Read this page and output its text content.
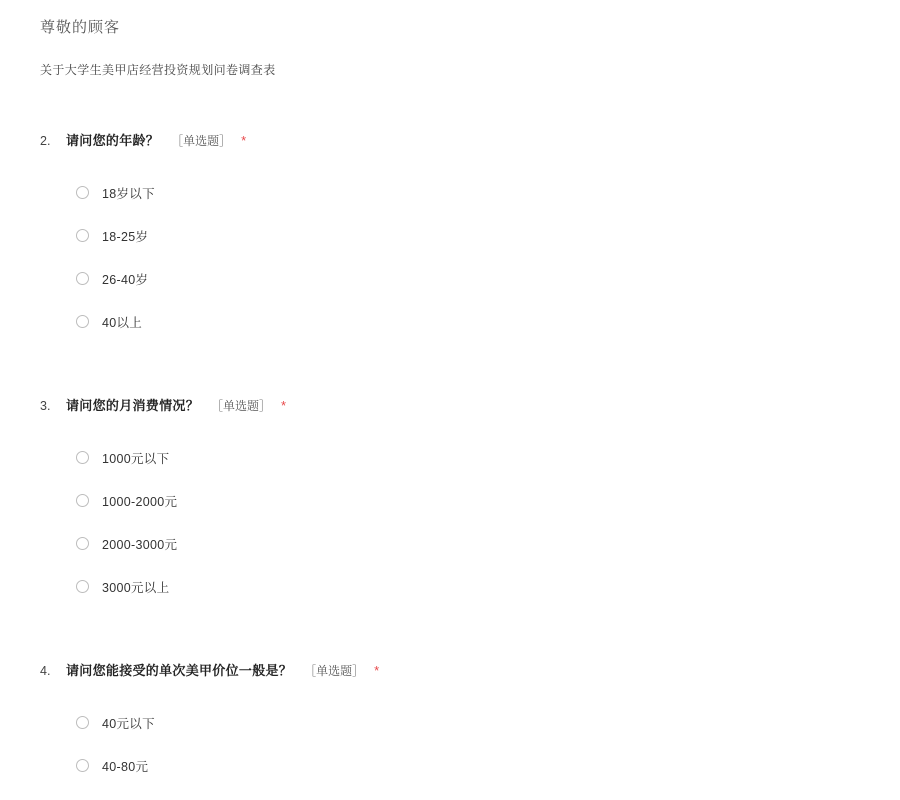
尊敬的顾客
关于大学生美甲店经营投资规划问卷调查表
2.	请问您的年龄？ ［单选题］ *
18岁以下
18-25岁
26-40岁
40以上
3.	请问您的月消费情况？ ［单选题］ *
1000元以下
1000-2000元
2000-3000元
3000元以上
4.	请问您能接受的单次美甲价位一般是？ ［单选题］ *
40元以下
40-80元
